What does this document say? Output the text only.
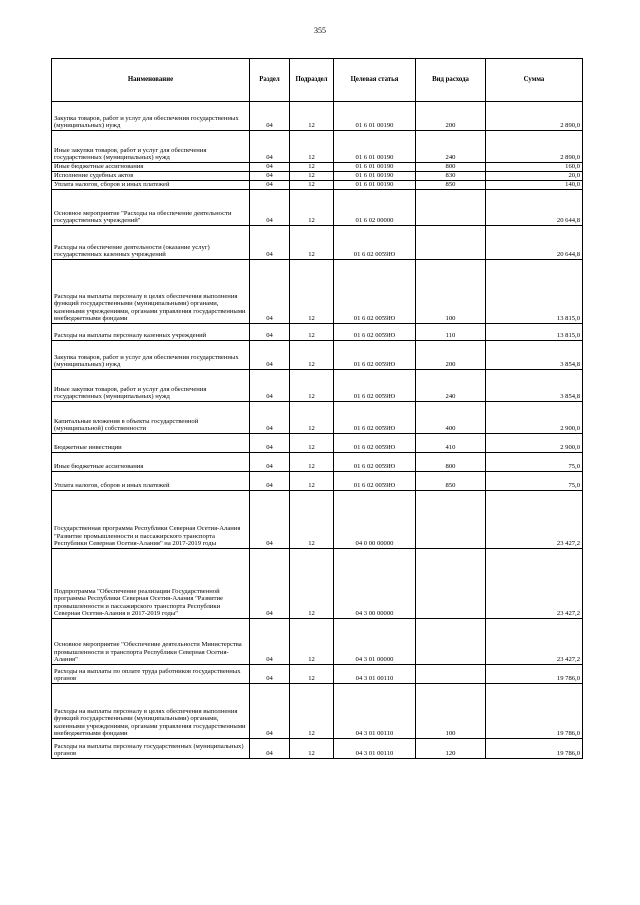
355
Наименование	Раздел	Подраздел	Целевая статья	Вид расхода	Сумма
Закупка товаров, работ и услуг для обеспечения государственных (муниципальных) нужд	04	12	01 6 01 00190	200	2 890,0
Иные закупки товаров, работ и услуг для обеспечения государственных (муниципальных) нужд	04	12	01 6 01 00190	240	2 890,0
Иные бюджетные ассигнования	04	12	01 6 01 00190	800	160,0
Исполнение судебных актов	04	12	01 6 01 00190	830	20,0
Уплата налогов, сборов и иных платежей	04	12	01 6 01 00190	850	140,0
Основное мероприятие "Расходы на обеспечение деятельности государственных учреждений"	04	12	01 6 02 00000		20 644,8
Расходы на обеспечение деятельности (оказание услуг) государственных казенных учреждений	04	12	01 6 02 0059Ю		20 644,8
Расходы на выплаты персоналу в целях обеспечения выполнения функций государственными (муниципальными) органами, казенными учреждениями, органами управления государственными внебюджетными фондами	04	12	01 6 02 0059Ю	100	13 815,0
Расходы на выплаты персоналу казенных учреждений	04	12	01 6 02 0059Ю	110	13 815,0
Закупка товаров, работ и услуг для обеспечения государственных (муниципальных) нужд	04	12	01 6 02 0059Ю	200	3 854,8
Иные закупки товаров, работ и услуг для обеспечения государственных (муниципальных) нужд	04	12	01 6 02 0059Ю	240	3 854,8
Капитальные вложения в объекты государственной (муниципальной) собственности	04	12	01 6 02 0059Ю	400	2 900,0
Бюджетные инвестиции	04	12	01 6 02 0059Ю	410	2 900,0
Иные бюджетные ассигнования	04	12	01 6 02 0059Ю	800	75,0
Уплата налогов, сборов и иных платежей	04	12	01 6 02 0059Ю	850	75,0
Государственная программа Республики Северная Осетия-Алания "Развитие промышленности и пассажирского транспорта Республики Северная Осетия-Алания" на 2017-2019 годы	04	12	04 0 00 00000		23 427,2
Подпрограмма "Обеспечение реализации Государственной программы Республики Северная Осетия-Алания "Развитие промышленности и пассажирского транспорта Республики Северная Осетия-Алания в 2017-2019 годы"	04	12	04 3 00 00000		23 427,2
Основное мероприятие "Обеспечение деятельности Министерства промышленности и транспорта Республики Северная Осетия-Алания"	04	12	04 3 01 00000		23 427,2
Расходы на выплаты по оплате труда работников государственных органов	04	12	04 3 01 00110		19 786,0
Расходы на выплаты персоналу в целях обеспечения выполнения функций государственными (муниципальными) органами, казенными учреждениями, органами управления государственными внебюджетными фондами	04	12	04 3 01 00110	100	19 786,0
Расходы на выплаты персоналу государственных (муниципальных) органов	04	12	04 3 01 00110	120	19 786,0
